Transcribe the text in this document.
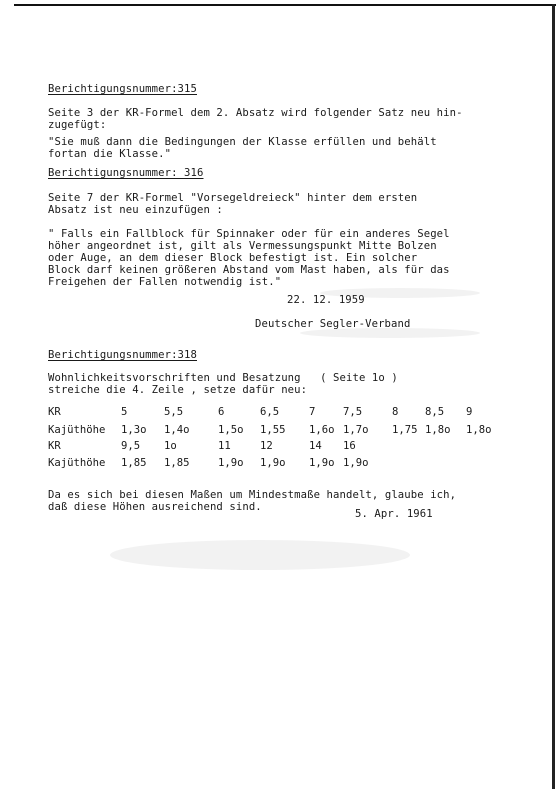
Berichtigungsnummer:315
Seite 3 der KR-Formel dem 2. Absatz wird folgender Satz neu hin-
zugefügt:
"Sie muß dann die Bedingungen der Klasse erfüllen und behält
fortan die Klasse."
Berichtigungsnummer: 316
Seite 7 der KR-Formel "Vorsegeldreieck" hinter dem ersten
Absatz ist neu einzufügen :
" Falls ein Fallblock für Spinnaker oder für ein anderes Segel
höher angeordnet ist, gilt als Vermessungspunkt Mitte Bolzen
oder Auge, an dem dieser Block befestigt ist. Ein solcher
Block darf keinen größeren Abstand vom Mast haben, als für das
Freigehen der Fallen notwendig ist."
22. 12. 1959
Deutscher Segler-Verband
Berichtigungsnummer:318
Wohnlichkeitsvorschriften und Besatzung   ( Seite 1o )
streiche die 4. Zeile , setze dafür neu:
KR	5	5,5	6	6,5	7	7,5	8	8,5 9
Kajüthöhe 1,3o 1,4o	1,5o 1,55 1,6o 1,7o 1,75 1,8o 1,8o
KR	9,5 1o	11	12	14 16
Kajüthöhe 1,85 1,85	1,9o 1,9o 1,9o 1,9o
Da es sich bei diesen Maßen um Mindestmaße handelt, glaube ich,
daß diese Höhen ausreichend sind.
5. Apr. 1961
